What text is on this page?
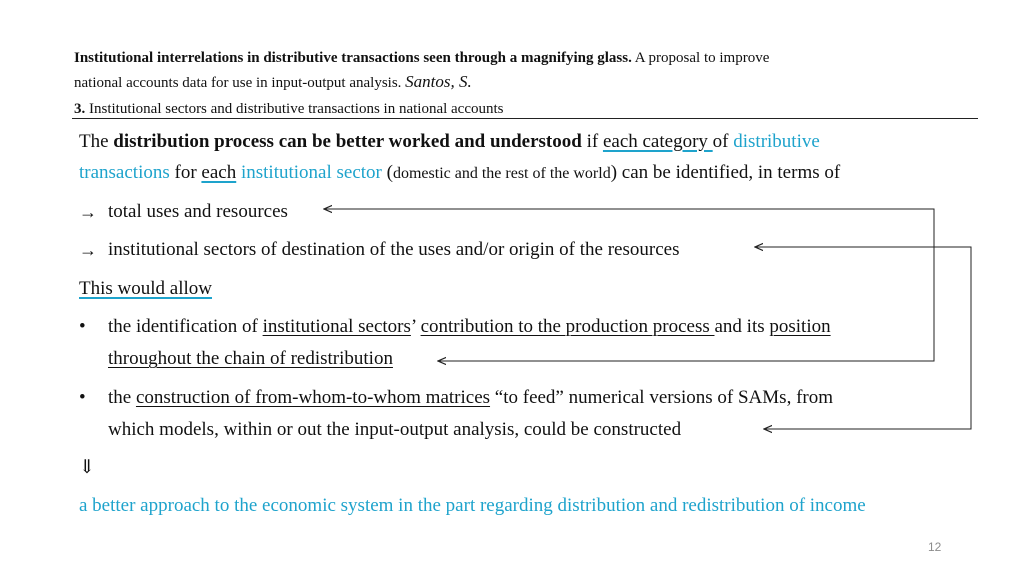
Institutional interrelations in distributive transactions seen through a magnifying glass. A proposal to improve
national accounts data for use in input-output analysis. Santos, S.
3. Institutional sectors and distributive transactions in national accounts
The distribution process can be better worked and understood if each category of distributive
transactions for each institutional sector (domestic and the rest of the world) can be identified, in terms of
→ total uses and resources
→ institutional sectors of destination of the uses and/or origin of the resources
This would allow
• the identification of institutional sectors’ contribution to the production process and its position
throughout the chain of redistribution
• the construction of from-whom-to-whom matrices “to feed” numerical versions of SAMs, from
which models, within or out the input-output analysis, could be constructed
⇓
a better approach to the economic system in the part regarding distribution and redistribution of income
12
